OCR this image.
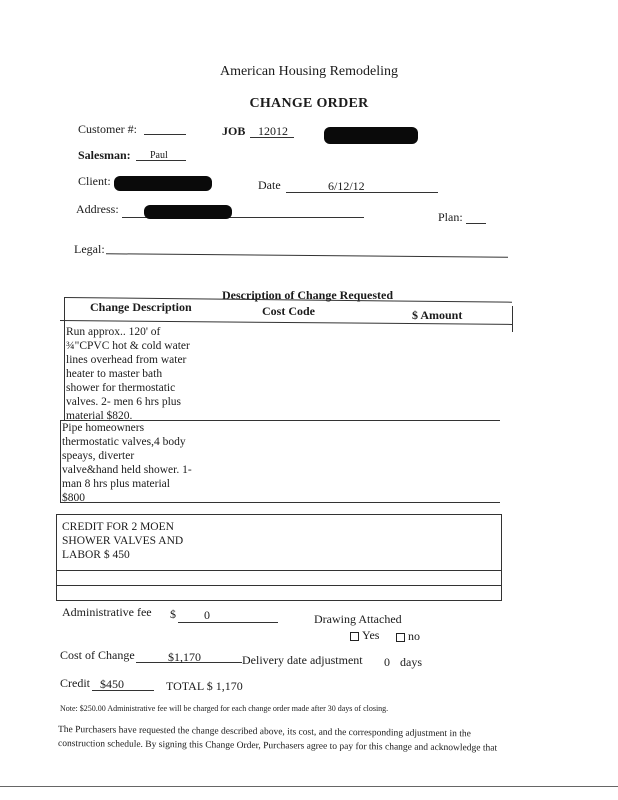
American Housing Remodeling
CHANGE ORDER
Customer #:	JOB 12012
Salesman: Paul
Client:	Date	6/12/12
Address:
Plan:
Legal:
Description of Change Requested
Change Description	Cost Code	$ Amount
Run approx.. 120' of
¾"CPVC hot & cold water
lines overhead from water
heater to master bath
shower for thermostatic
valves. 2- men 6 hrs plus
material $820.
Pipe homeowners
thermostatic valves,4 body
speays, diverter
valve&hand held shower. 1-
man 8 hrs plus material
$800
CREDIT FOR 2 MOEN
SHOWER VALVES AND
LABOR $ 450
Administrative fee $ 0	Drawing Attached
Yes	no
Cost of Change	$1,170	Delivery date adjustment 0 days
Credit $450	TOTAL $ 1,170
Note: $250.00 Administrative fee will be charged for each change order made after 30 days of closing.
The Purchasers have requested the change described above, its cost, and the corresponding adjustment in the
construction schedule. By signing this Change Order, Purchasers agree to pay for this change and acknowledge that
